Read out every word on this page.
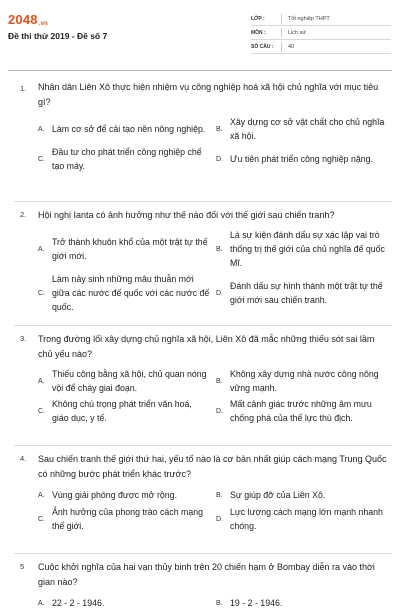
2048.vn
Đề thi thử 2019 - Đề số 7
LỚP :	Tốt nghiệp THPT
MÔN :	Lịch sử
SỐ CÂU :	40
1. Nhân dân Liên Xô thực hiện nhiệm vụ công nghiệp hoá xã hội chủ nghĩa với mục tiêu gì?
A. Làm cơ sở để cải tạo nền nông nghiệp. B.
Xây dựng cơ sở vật chất cho chủ nghĩa xã hội.
C.
Đầu tư cho phát triển công nghiệp chế tạo máy.
D. Ưu tiên phát triển công nghiệp nặng.
2. Hội nghị Ianta có ảnh hưởng như thế nào đối với thế giới sau chiến tranh?
A.
Trở thành khuôn khổ của một trật tự thế giới mới.
B.
Là sự kiện đánh dấu sự xác lập vai trò thống trị thế giới của chủ nghĩa đế quốc Mĩ.
C.
Làm nảy sinh những mâu thuẫn mới giữa các nước đế quốc với các nước đế quốc.
D.
Đánh dấu sự hình thành một trật tự thế giới mới sau chiến tranh.
3. Trong đường lối xây dựng chủ nghĩa xã hội, Liên Xô đã mắc những thiếu sót sai lầm chủ yếu nào?
A.
Thiếu công bằng xã hội, chủ quan nóng vội để cháy giai đoạn.
B.
Không xây dựng nhà nước công nông vững mạnh.
C.
Không chú trọng phát triển văn hoá, giáo dục, y tế.
D.
Mất cảnh giác trước những âm mưu chống phá của thế lực thù địch.
4. Sau chiến tranh thế giới thứ hai, yếu tố nào là cơ bản nhất giúp cách mạng Trung Quốc có những bước phát triển khác trước?
A. Vùng giải phóng được mở rộng.	B. Sự giúp đỡ của Liên Xô.
C.
Ảnh hưởng của phong trào cách mạng thế giới.
D.
Lực lượng cách mạng lớn mạnh nhanh chóng.
5 Cuộc khởi nghĩa của hai vạn thủy binh trên 20 chiến hạm ở Bombay diễn ra vào thời gian nào?
A. 22 - 2 - 1946.	B. 19 - 2 - 1946.
